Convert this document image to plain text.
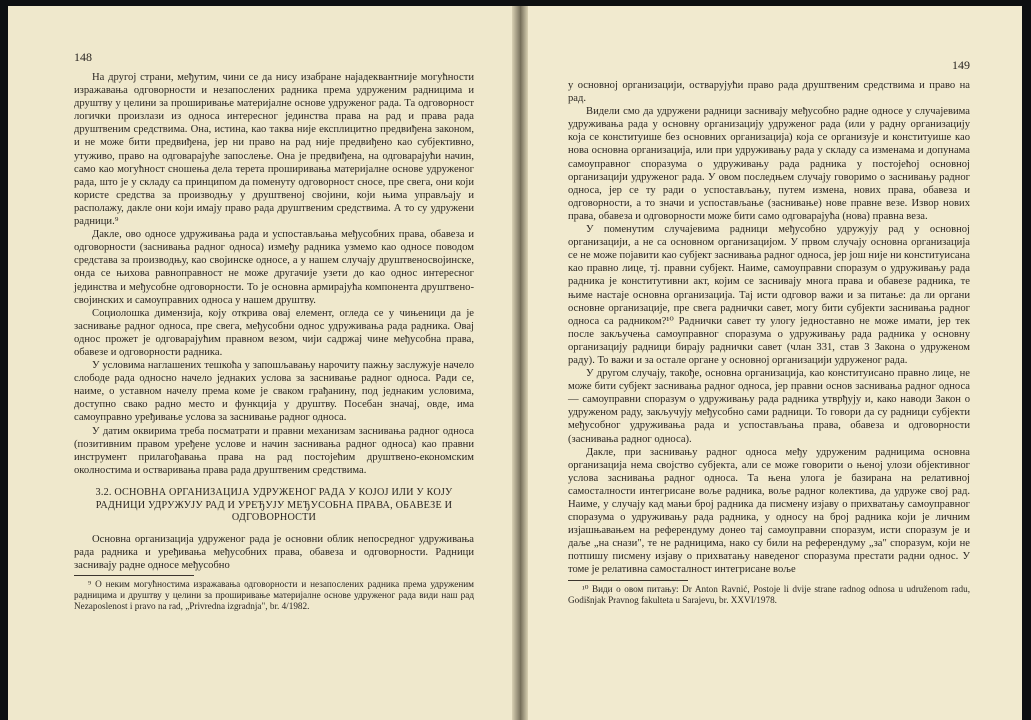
148

На другој страни, међутим, чини се да нису изабране најадеквантније могућности изражавања одговорности и незапослених радника према удруженим радницима и друштву у целини за проширивање материјалне основе удруженог рада. Та одговорност логички произлази из односа интересног јединства права на рад и права рада друштвеним средствима. Она, истина, као таква није експлицитно предвиђена законом, и не може бити предвиђена, јер ни право на рад није предвиђено као субјективно, утуживо, право на одговарајуће запослење. Она је предвиђена, на одговарајући начин, само као могућност сношења дела терета проширивања материјалне основе удруженог рада, што је у складу са принципом да поменуту одговорност сносе, пре свега, они који користе средства за производњу у друштвеној својини, који њима управљају и располажу, дакле они који имају право рада друштвеним средствима. А то су удружени радници.⁹

Дакле, ово односе удруживања рада и успостављања међусобних права, обавеза и одговорности (заснивања радног односа) између радника узмемо као односе поводом средстава за производњу, као својинске односе, а у нашем случају друштвеносвојинске, онда се њихова равноправност не може другачије узети до као однос интересног јединства и међусобне одговорности. То је основна армирајућа компонента друштвено-својинских и самоуправних односа у нашем друштву.

Социолошка димензија, коју открива овај елемент, огледа се у чињеници да је заснивање радног односа, пре свега, међусобни однос удруживања рада радника. Овај однос прожет је одговарајућим правном везом, чији садржај чине међусобна права, обавезе и одговорности радника.

У условима наглашених тешкоћа у запошљавању нарочиту пажњу заслужује начело слободе рада односно начело једнаких услова за заснивање радног односа. Ради се, наиме, о уставном начелу према коме је сваком грађанину, под једнаким условима, доступно свако радно место и функција у друштву. Посебан значај, овде, има самоуправно уређивање услова за заснивање радног односа.

У датим оквирима треба посматрати и правни механизам заснивања радног односа (позитивним правом уређене услове и начин заснивања радног односа) као правни инструмент прилагођавања права на рад постојећим друштвено-економским околностима и остваривања права рада друштвеним средствима.

3.2. ОСНОВНА ОРГАНИЗАЦИЈА УДРУЖЕНОГ РАДА У КОЈОЈ ИЛИ У КОЈУ РАДНИЦИ УДРУЖУЈУ РАД И УРЕЂУЈУ МЕЂУСОБНА ПРАВА, ОБАВЕЗЕ И ОДГОВОРНОСТИ

Основна организација удруженог рада је основни облик непосредног удруживања рада радника и уређивања међусобних права, обавеза и одговорности. Радници заснивају радне односе међусобно

⁹ О неким могућностима изражавања одговорности и незапослених радника према удруженим радницима и друштву у целини за проширивање материјалне основе удруженог рада види наш рад Nezaposlenost i pravo na rad, „Privredna izgradnja", br. 4/1982.

149

у основној организацији, остварујући право рада друштвеним средствима и право на рад.

Видели смо да удружени радници заснивају међусобно радне односе у случајевима удруживања рада у основну организацију удруженог рада (или у радну организацију која се конституише без основних организација) која се организује и конституише као нова основна организација, или при удруживању рада у складу са изменама и допунама самоуправног споразума о удруживању рада радника у постојећој основној организацији удруженог рада. У овом последњем случају говоримо о заснивању радног односа, јер се ту ради о успостављању, путем измена, нових права, обавеза и одговорности, а то значи и успостављање (заснивање) нове правне везе. Извор нових права, обавеза и одговорности може бити само одговарајућа (нова) правна веза.

У поменутим случајевима радници међусобно удружују рад у основној организацији, а не са основном организацијом. У првом случају основна организација се не може појавити као субјект заснивања радног односа, јер још није ни конституисана као правно лице, тј. правни субјект. Наиме, самоуправни споразум о удруживању рада радника је конститутивни акт, којим се заснивају многа права и обавезе радника, те њиме настаје основна организација. Тај исти одговор важи и за питање: да ли органи основне организације, пре свега раднички савет, могу бити субјекти заснивања радног односа са радником?¹⁰ Раднички савет ту улогу једноставно не може имати, јер тек после закључења самоуправног споразума о удруживању рада радника у основну организацију радници бирају раднички савет (члан 331, став 3 Закона о удруженом раду). То важи и за остале органе у основној организацији удруженог рада.

У другом случају, такође, основна организација, као конституисано правно лице, не може бити субјект заснивања радног односа, јер правни основ заснивања радног односа — самоуправни споразум о удруживању рада радника утврђују и, како наводи Закон о удруженом раду, закључују међусобно сами радници. То говори да су радници субјекти међусобног удруживања рада и успостављања права, обавеза и одговорности (заснивања радног односа).

Дакле, при заснивању радног односа међу удруженим радницима основна организација нема својство субјекта, али се може говорити о њеној улози објективног услова заснивања радног односа. Та њена улога је базирана на релативној самосталности интегрисане воље радника, воље радног колектива, да удруже свој рад. Наиме, у случају кад мањи број радника да писмену изјаву о прихватању самоуправног споразума о удруживању рада радника, у односу на број радника који је личним изјашњавањем на референдуму донео тај самоуправни споразум, исти споразум је и даље „на снази", те не радницима, нако су били на референдуму „за" споразум, који не потпишу писмену изјаву о прихватању наведеног споразума престати радни однос. У томе је релативна самосталност интегрисане воље

¹⁰ Види о овом питању: Dr Anton Ravnić, Postoje li dvije strane radnog odnosa u udruženom radu, Godišnjak Pravnog fakulteta u Sarajevu, br. XXVI/1978.
